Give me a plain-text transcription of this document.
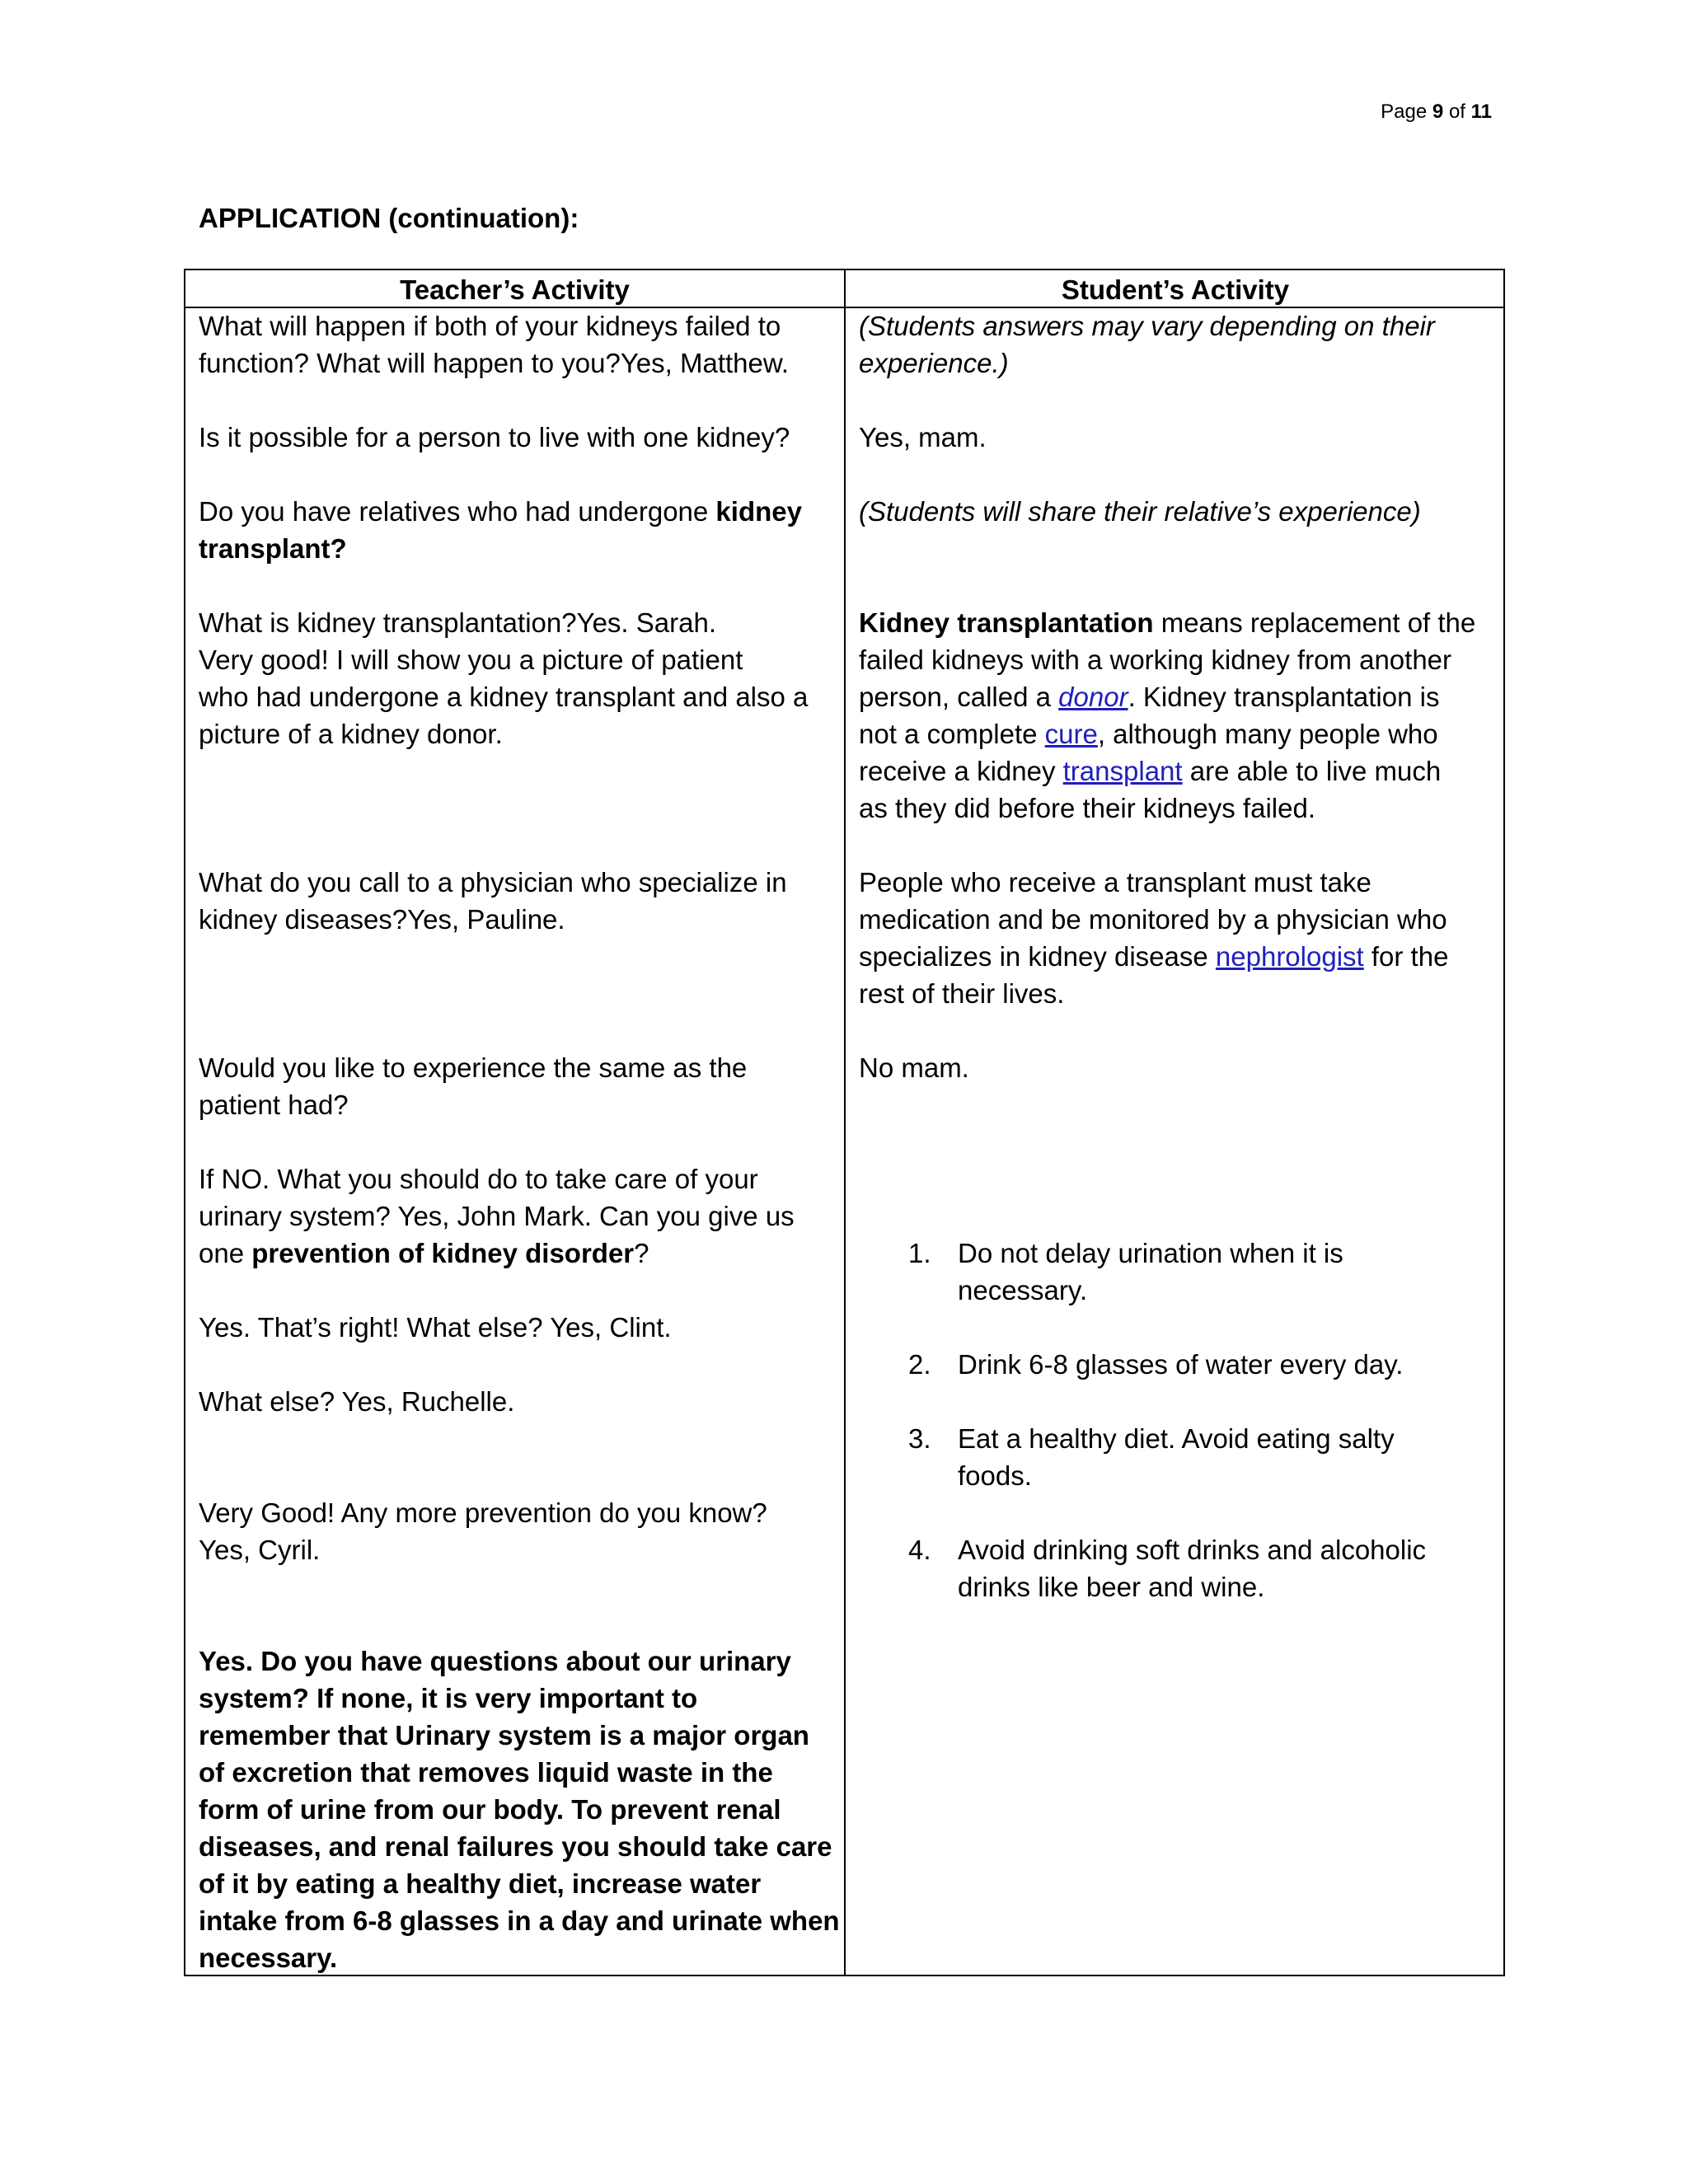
Page 9 of 11
APPLICATION (continuation):
Teacher’s Activity	Student’s Activity
What will happen if both of your kidneys failed to
function? What will happen to you?Yes, Matthew.
Is it possible for a person to live with one kidney?
Do you have relatives who had undergone kidney
transplant?
What is kidney transplantation?Yes. Sarah.
Very good! I will show you a picture of patient
who had undergone a kidney transplant and also a
picture of a kidney donor.
What do you call to a physician who specialize in
kidney diseases?Yes, Pauline.
Would you like to experience the same as the
patient had?
If NO. What you should do to take care of your
urinary system? Yes, John Mark. Can you give us
one prevention of kidney disorder?
Yes. That’s right! What else? Yes, Clint.
What else? Yes, Ruchelle.
Very Good! Any more prevention do you know?
Yes, Cyril.
Yes. Do you have questions about our urinary
system? If none, it is very important to
remember that Urinary system is a major organ
of excretion that removes liquid waste in the
form of urine from our body. To prevent renal
diseases, and renal failures you should take care
of it by eating a healthy diet, increase water
intake from 6-8 glasses in a day and urinate when
necessary.
(Students answers may vary depending on their
experience.)
Yes, mam.
(Students will share their relative’s experience)
Kidney transplantation means replacement of the
failed kidneys with a working kidney from another
person, called a donor. Kidney transplantation is
not a complete cure, although many people who
receive a kidney transplant are able to live much
as they did before their kidneys failed.
People who receive a transplant must take
medication and be monitored by a physician who
specializes in kidney disease nephrologist for the
rest of their lives.
No mam.
1. Do not delay urination when it is
necessary.
2. Drink 6-8 glasses of water every day.
3. Eat a healthy diet. Avoid eating salty
foods.
4. Avoid drinking soft drinks and alcoholic
drinks like beer and wine.
